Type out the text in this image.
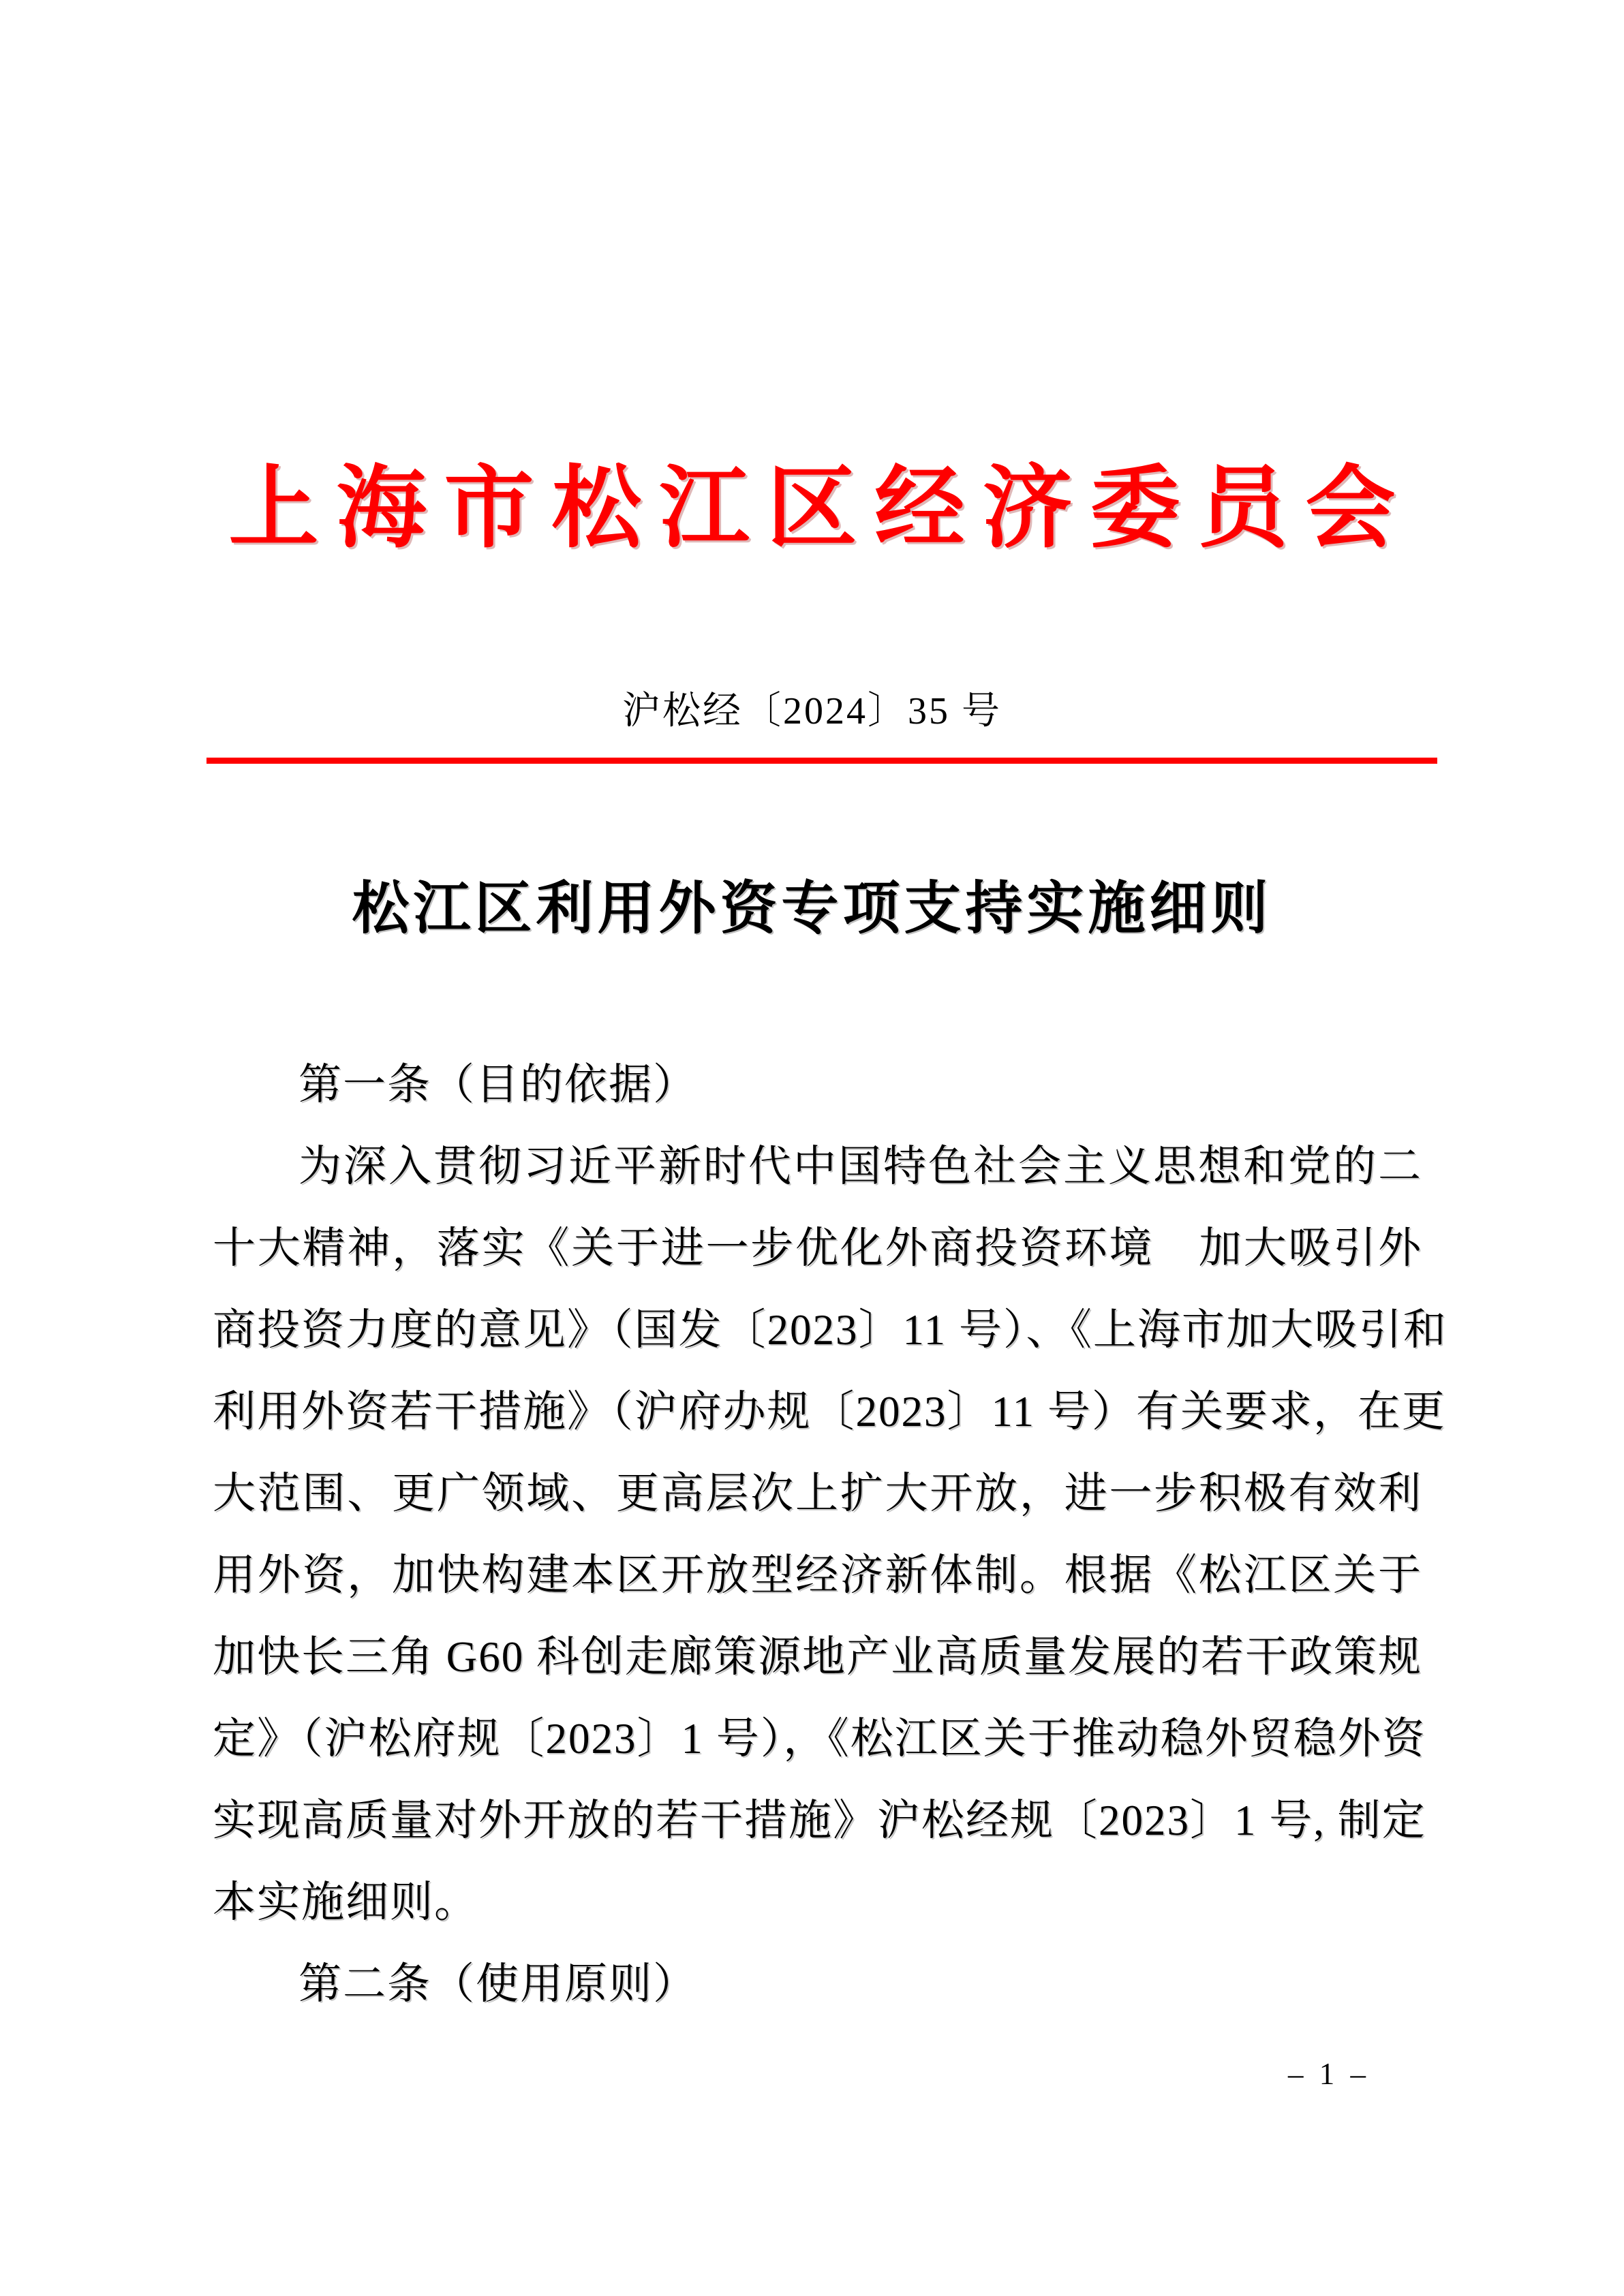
上海市松江区经济委员会
沪松经〔2024〕35 号
松江区利用外资专项支持实施细则
第一条（目的依据）
为深入贯彻习近平新时代中国特色社会主义思想和党的二
十大精神，落实《关于进一步优化外商投资环境　加大吸引外
商投资力度的意见》（国发〔2023〕11 号）、《上海市加大吸引和
利用外资若干措施》（沪府办规〔2023〕11 号）有关要求，在更
大范围、更广领域、更高层次上扩大开放，进一步积极有效利
用外资，加快构建本区开放型经济新体制。根据《松江区关于
加快长三角 G60 科创走廊策源地产业高质量发展的若干政策规
定》（沪松府规〔2023〕1 号），《松江区关于推动稳外贸稳外资
实现高质量对外开放的若干措施》沪松经规〔2023〕1 号, 制定
本实施细则。
第二条（使用原则）
– 1 –
